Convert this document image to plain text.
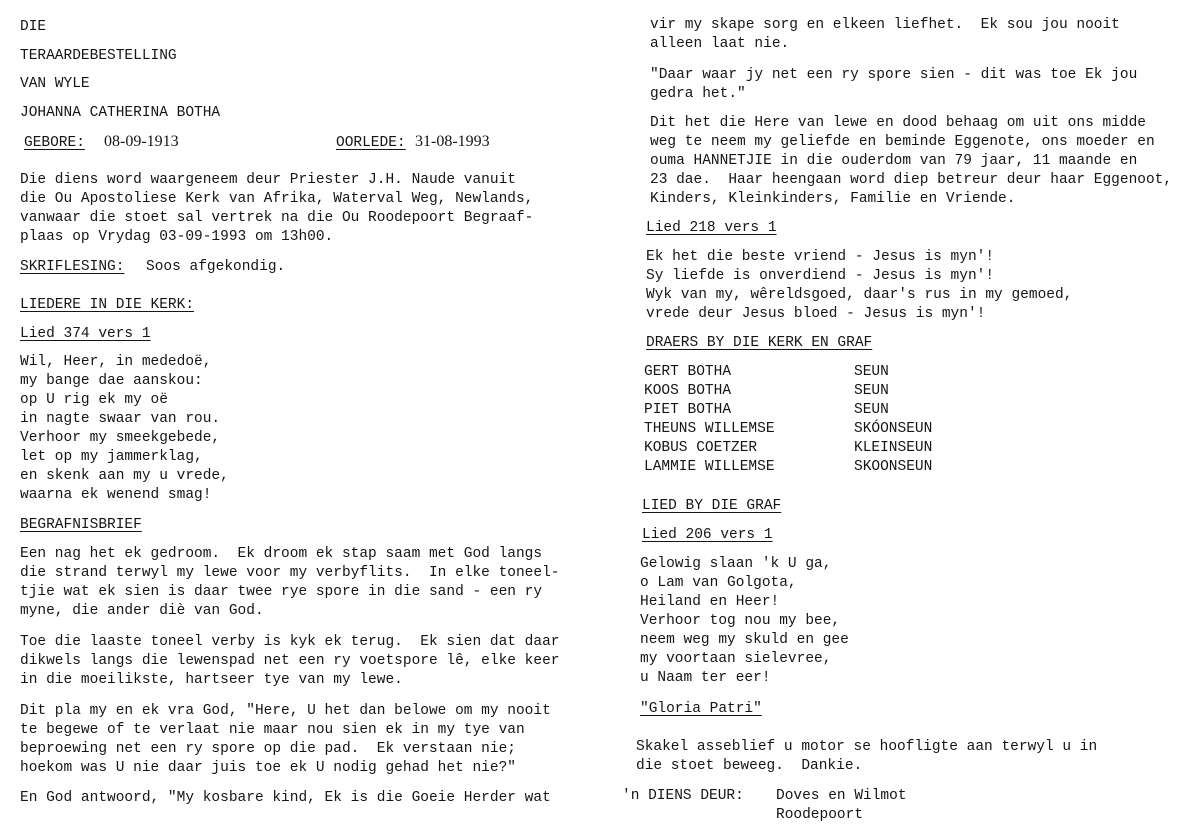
DIE
TERAARDEBESTELLING
VAN WYLE
JOHANNA CATHERINA BOTHA
GEBORE: 08-09-1913	OORLEDE: 31-08-1993
Die diens word waargeneem deur Priester J.H. Naude vanuit
die Ou Apostoliese Kerk van Afrika, Waterval Weg, Newlands,
vanwaar die stoet sal vertrek na die Ou Roodepoort Begraaf-
plaas op Vrydag 03-09-1993 om 13h00.
SKRIFLESING: Soos afgekondig.
LIEDERE IN DIE KERK:
Lied 374 vers 1
Wil, Heer, in mededoë,
my bange dae aanskou:
op U rig ek my oë
in nagte swaar van rou.
Verhoor my smeekgebede,
let op my jammerklag,
en skenk aan my u vrede,
waarna ek wenend smag!
BEGRAFNISBRIEF
Een nag het ek gedroom.  Ek droom ek stap saam met God langs
die strand terwyl my lewe voor my verbyflits.  In elke toneel-
tjie wat ek sien is daar twee rye spore in die sand - een ry
myne, die ander diè van God.
Toe die laaste toneel verby is kyk ek terug.  Ek sien dat daar
dikwels langs die lewenspad net een ry voetspore lê, elke keer
in die moeilikste, hartseer tye van my lewe.
Dit pla my en ek vra God, "Here, U het dan belowe om my nooit
te begewe of te verlaat nie maar nou sien ek in my tye van
beproewing net een ry spore op die pad.  Ek verstaan nie;
hoekom was U nie daar juis toe ek U nodig gehad het nie?"
En God antwoord, "My kosbare kind, Ek is die Goeie Herder wat
vir my skape sorg en elkeen liefhet.  Ek sou jou nooit
alleen laat nie.
"Daar waar jy net een ry spore sien - dit was toe Ek jou
gedra het."
Dit het die Here van lewe en dood behaag om uit ons midde
weg te neem my geliefde en beminde Eggenote, ons moeder en
ouma HANNETJIE in die ouderdom van 79 jaar, 11 maande en
23 dae.  Haar heengaan word diep betreur deur haar Eggenoot,
Kinders, Kleinkinders, Familie en Vriende.
Lied 218 vers 1
Ek het die beste vriend - Jesus is myn'!
Sy liefde is onverdiend - Jesus is myn'!
Wyk van my, wêreldsgoed, daar's rus in my gemoed,
vrede deur Jesus bloed - Jesus is myn'!
DRAERS BY DIE KERK EN GRAF
GERT BOTHA	SEUN
KOOS BOTHA	SEUN
PIET BOTHA	SEUN
THEUNS WILLEMSE	SKÓONSEUN
KOBUS COETZER	KLEINSEUN
LAMMIE WILLEMSE	SKOONSEUN
LIED BY DIE GRAF
Lied 206 vers 1
Gelowig slaan 'k U ga,
o Lam van Golgota,
Heiland en Heer!
Verhoor tog nou my bee,
neem weg my skuld en gee
my voortaan sielevree,
u Naam ter eer!
"Gloria Patri"
Skakel asseblief u motor se hoofligte aan terwyl u in
die stoet beweeg.  Dankie.
'n DIENS DEUR: Doves en Wilmot
Roodepoort
